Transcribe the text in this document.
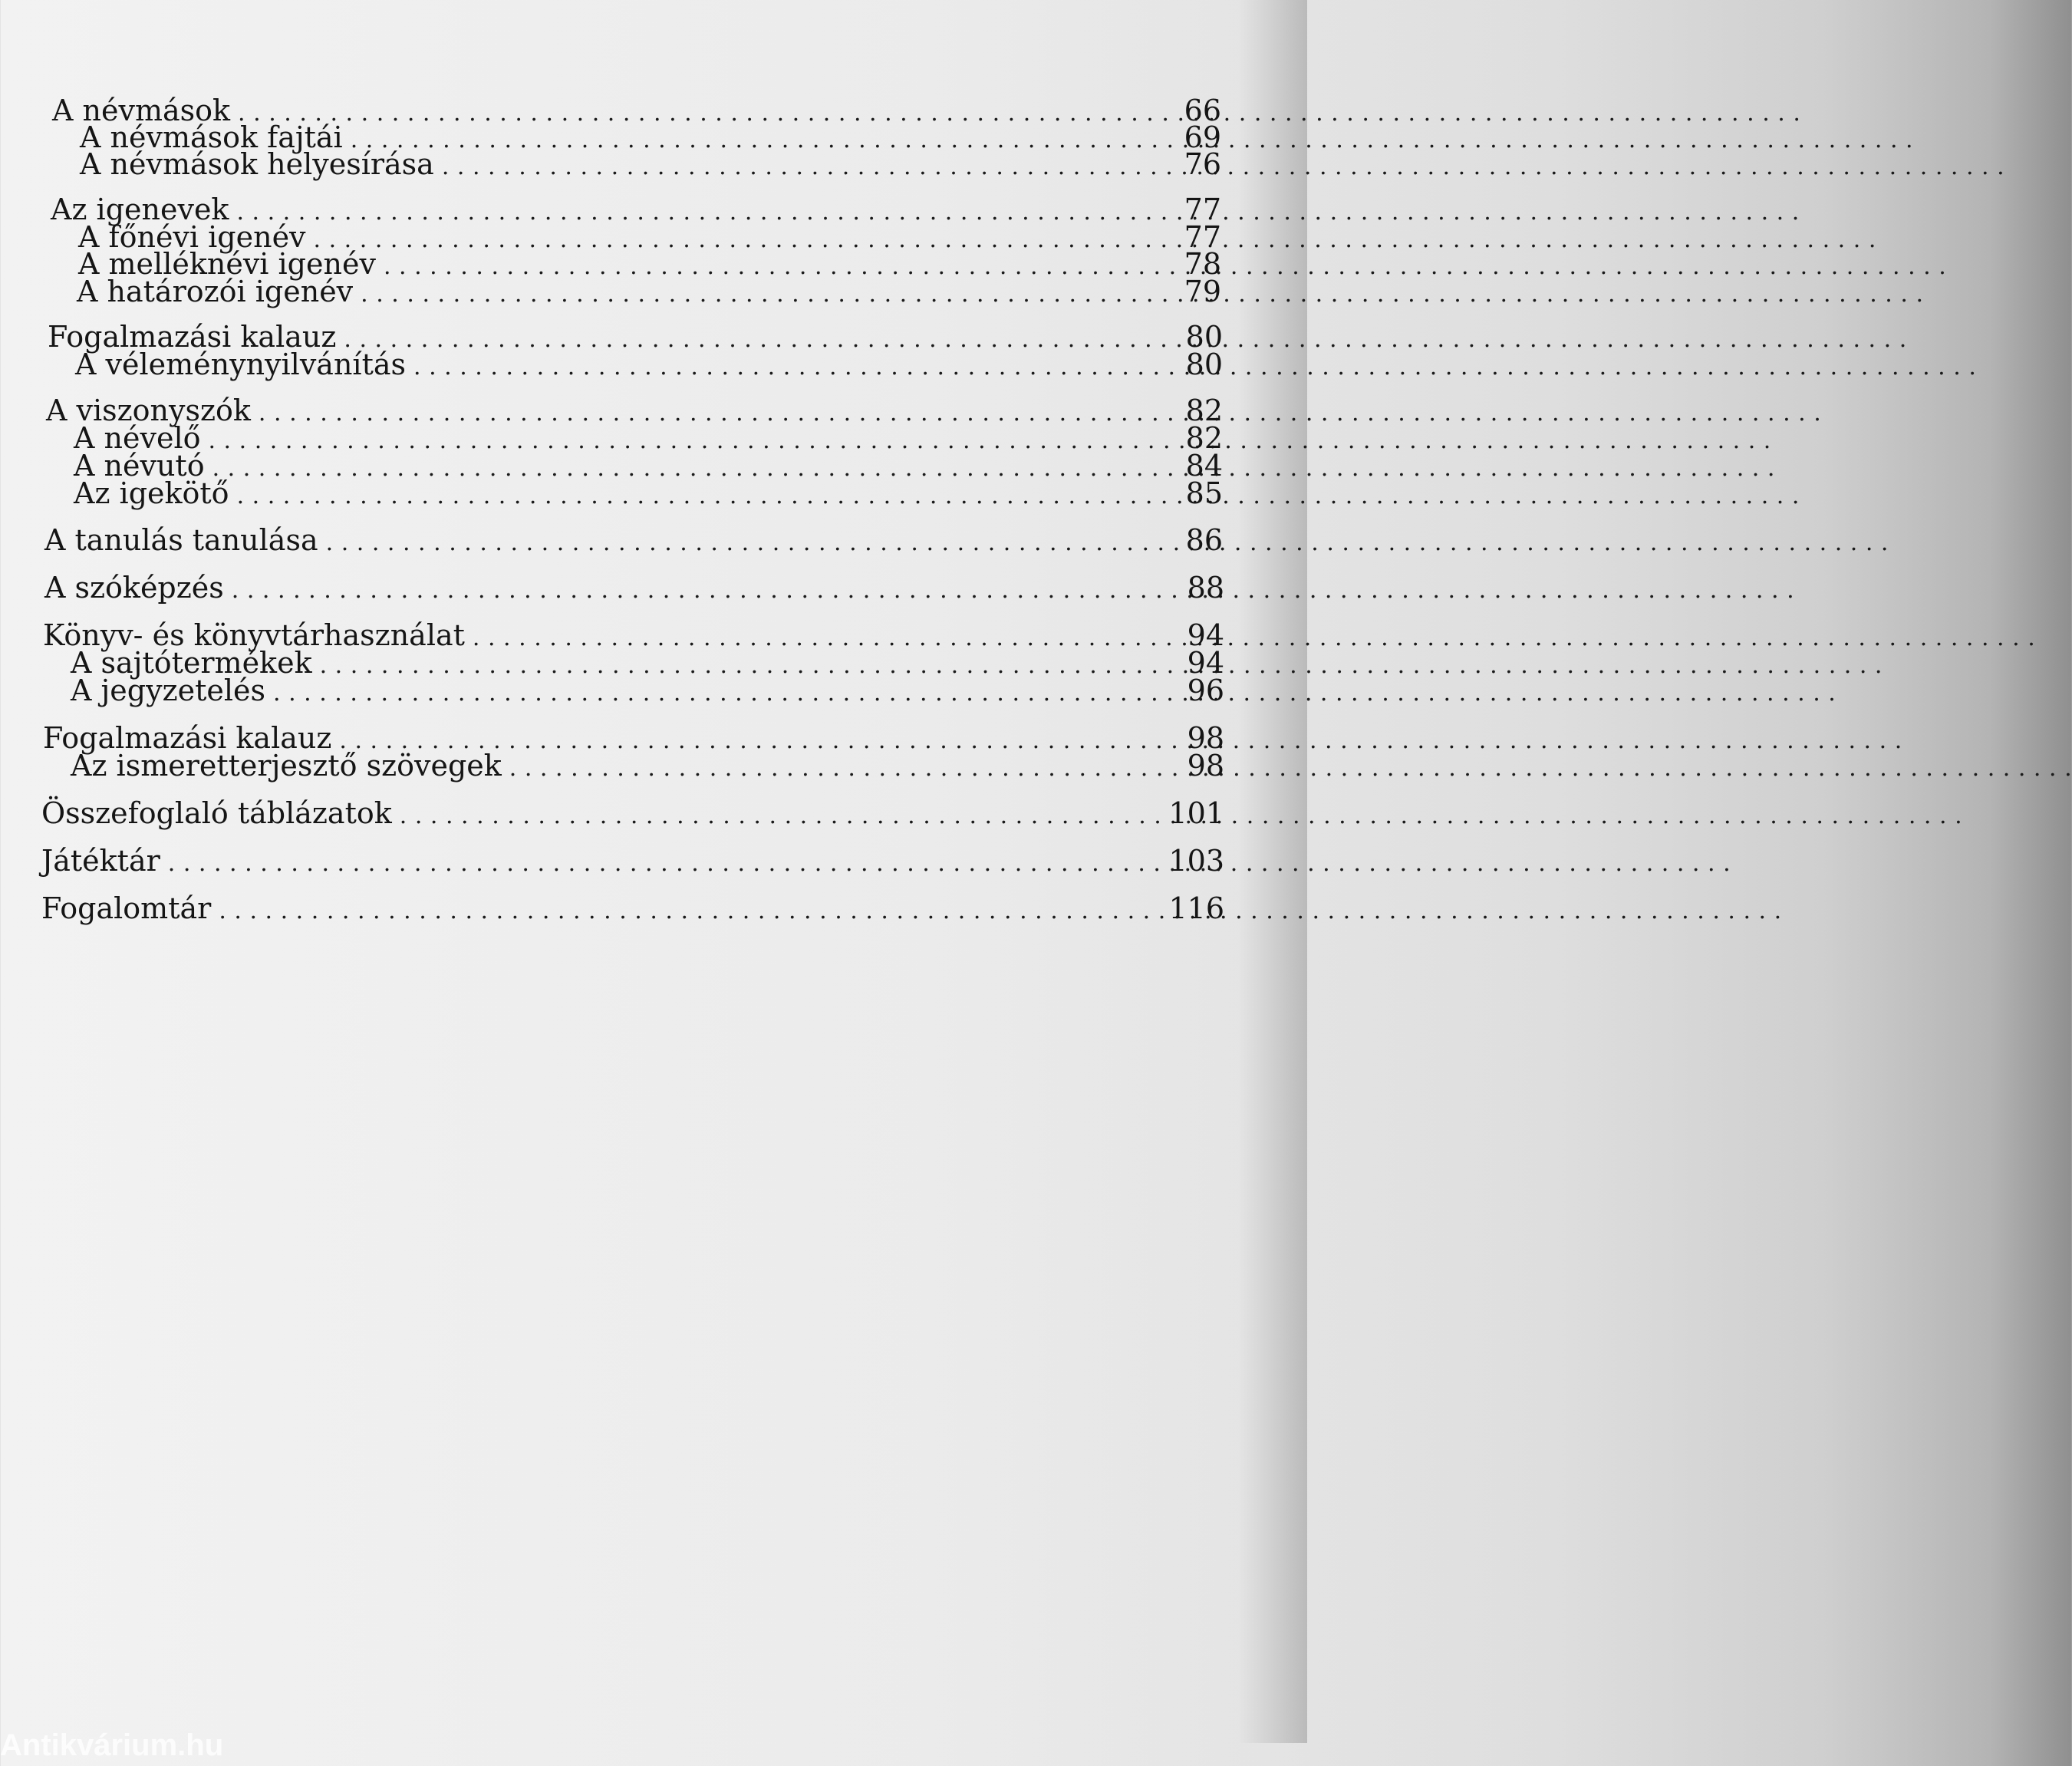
A névmások . . .	66
A névmások fajtái . . .	69
A névmások helyesírása . . .	76
Az igenevek . . .	77
A főnévi igenév . . .	77
A melléknévi igenév . . .	78
A határozói igenév . . .	79
Fogalmazási kalauz . . .	80
A véleménynyilvánítás . . .	80
A viszonyszók . . .	82
A névelő . . .	82
A névutó . . .	84
Az igekötő . . .	85
A tanulás tanulása . . .	86
A szóképzés . . .	88
Könyv- és könyvtárhasználat . . .	94
A sajtótermékek . . .	94
A jegyzetelés . . .	96
Fogalmazási kalauz . . .	98
Az ismeretterjesztő szövegek . . .	98
Összefoglaló táblázatok . . .	101
Játéktár . . .	103
Fogalomtár . . .	116
Antikvárium.hu
